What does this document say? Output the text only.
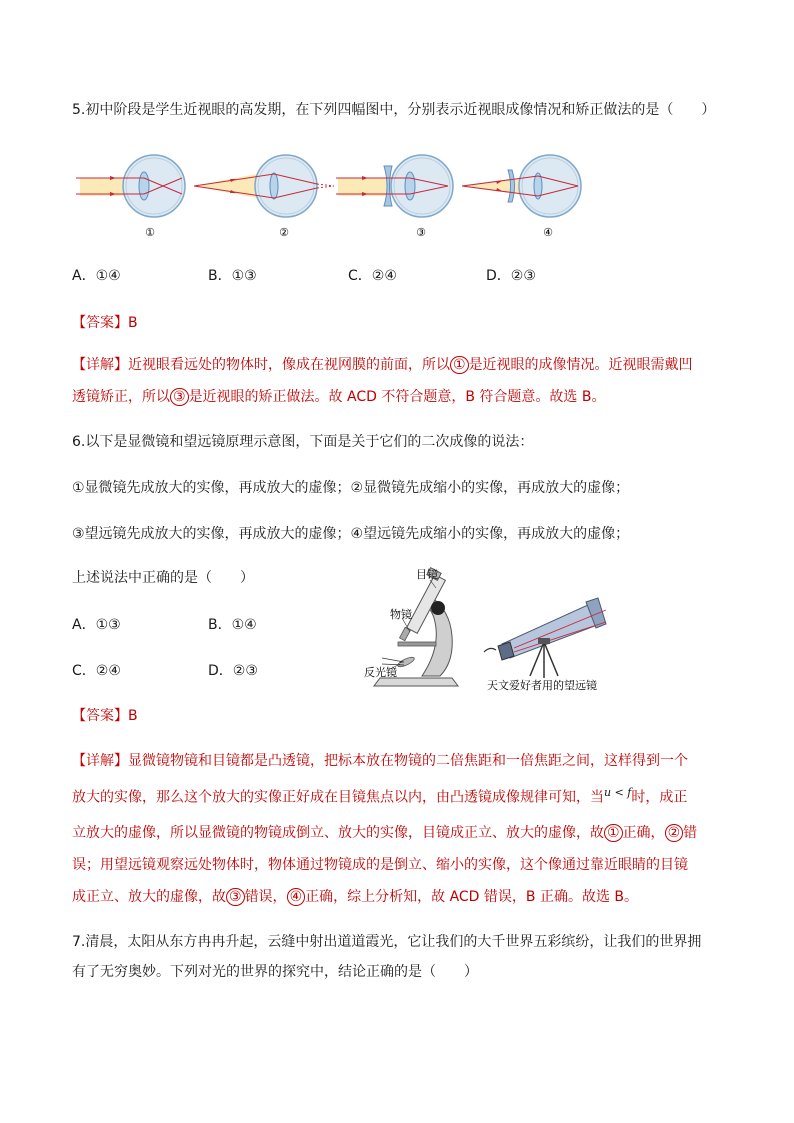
5.初中阶段是学生近视眼的高发期，在下列四幅图中，分别表示近视眼成像情况和矫正做法的是（　　）
①	②	③	④
A．①④	B．①③	C．②④	D．②③
【答案】B
【详解】近视眼看远处的物体时，像成在视网膜的前面，所以 ① 是近视眼的成像情况。近视眼需戴凹
透镜矫正，所以 ③ 是近视眼的矫正做法。故 ACD 不符合题意，B 符合题意。故选 B。
6.以下是显微镜和望远镜原理示意图，下面是关于它们的二次成像的说法：
①显微镜先成放大的实像，再成放大的虚像；②显微镜先成缩小的实像，再成放大的虚像；
③望远镜先成放大的实像，再成放大的虚像；④望远镜先成缩小的实像，再成放大的虚像；
上述说法中正确的是（　　）
A．①③	B．①④
C．②④	D．②③
目镜
物镜
反光镜
天文爱好者用的望远镜
【答案】B
【详解】显微镜物镜和目镜都是凸透镜，把标本放在物镜的二倍焦距和一倍焦距之间，这样得到一个
放大的实像，那么这个放大的实像正好成在目镜焦点以内，由凸透镜成像规律可知，当$^{u < f}$时，成正
立放大的虚像，所以显微镜的物镜成倒立、放大的实像，目镜成正立、放大的虚像，故 ① 正确， ② 错
误；用望远镜观察远处物体时，物体通过物镜成的是倒立、缩小的实像，这个像通过靠近眼睛的目镜
成正立、放大的虚像，故 ③ 错误， ④ 正确，综上分析知，故 ACD 错误，B 正确。故选 B。
7.清晨，太阳从东方冉冉升起，云缝中射出道道霞光，它让我们的大千世界五彩缤纷，让我们的世界拥
有了无穷奥妙。下列对光的世界的探究中，结论正确的是（　　）
